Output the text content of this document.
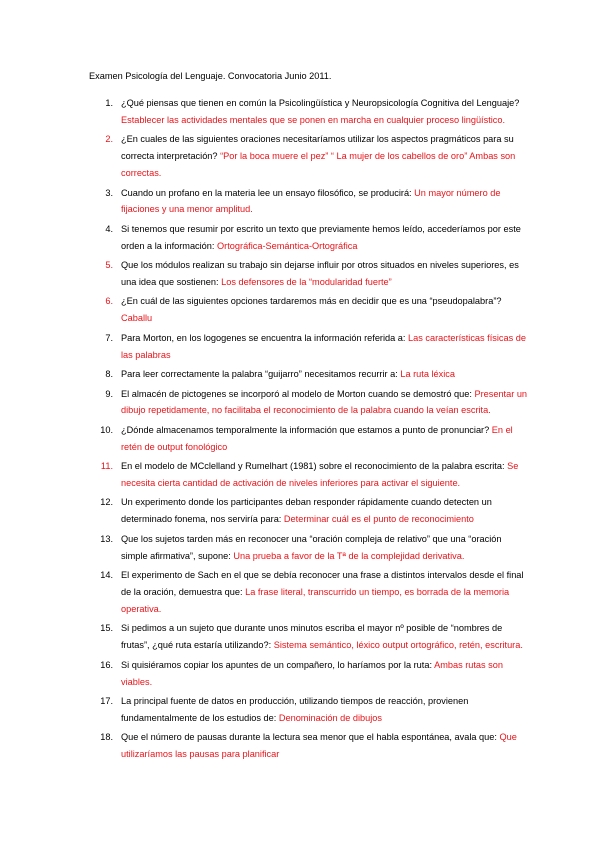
Examen Psicología del Lenguaje. Convocatoria Junio 2011.
1. ¿Qué piensas que tienen en común la Psicolingüística y Neuropsicología Cognitiva del Lenguaje? Establecer las actividades mentales que se ponen en marcha en cualquier proceso lingüístico.
2. ¿En cuales de las siguientes oraciones necesitaríamos utilizar los aspectos pragmáticos para su correcta interpretación? “Por la boca muere el pez” “ La mujer de los cabellos de oro” Ambas son correctas.
3. Cuando un profano en la materia lee un ensayo filosófico, se producirá: Un mayor número de fijaciones y una menor amplitud.
4. Si tenemos que resumir por escrito un texto que previamente hemos leído, accederíamos por este orden a la información: Ortográfica-Semántica-Ortográfica
5. Que los módulos realizan su trabajo sin dejarse influir por otros situados en niveles superiores, es una idea que sostienen: Los defensores de la “modularidad fuerte”
6. ¿En cuál de las siguientes opciones tardaremos más en decidir que es una “pseudopalabra”? Caballu
7. Para Morton, en los logogenes se encuentra la información referida a: Las características físicas de las palabras
8. Para leer correctamente la palabra “guijarro” necesitamos recurrir a: La ruta léxica
9. El almacén de pictogenes se incorporó al modelo de Morton cuando se demostró que: Presentar un dibujo repetidamente, no facilitaba el reconocimiento de la palabra cuando la veían escrita.
10. ¿Dónde almacenamos temporalmente la información que estamos a punto de pronunciar? En el retén de output fonológico
11. En el modelo de MCclelland y Rumelhart (1981) sobre el reconocimiento de la palabra escrita: Se necesita cierta cantidad de activación de niveles inferiores para activar el siguiente.
12. Un experimento donde los participantes deban responder rápidamente cuando detecten un determinado fonema, nos serviría para: Determinar cuál es el punto de reconocimiento
13. Que los sujetos tarden más en reconocer una “oración compleja de relativo” que una “oración simple afirmativa”, supone: Una prueba a favor de la Tª de la complejidad derivativa.
14. El experimento de Sach en el que se debía reconocer una frase a distintos intervalos desde el final de la oración, demuestra que: La frase literal, transcurrido un tiempo, es borrada de la memoria operativa.
15. Si pedimos a un sujeto que durante unos minutos escriba el mayor nº posible de “nombres de frutas”, ¿qué ruta estaría utilizando?: Sistema semántico, léxico output ortográfico, retén, escritura.
16. Si quisiéramos copiar los apuntes de un compañero, lo haríamos por la ruta: Ambas rutas son viables.
17. La principal fuente de datos en producción, utilizando tiempos de reacción, provienen fundamentalmente de los estudios de: Denominación de dibujos
18. Que el número de pausas durante la lectura sea menor que el habla espontánea, avala que: Que utilizaríamos las pausas para planificar
